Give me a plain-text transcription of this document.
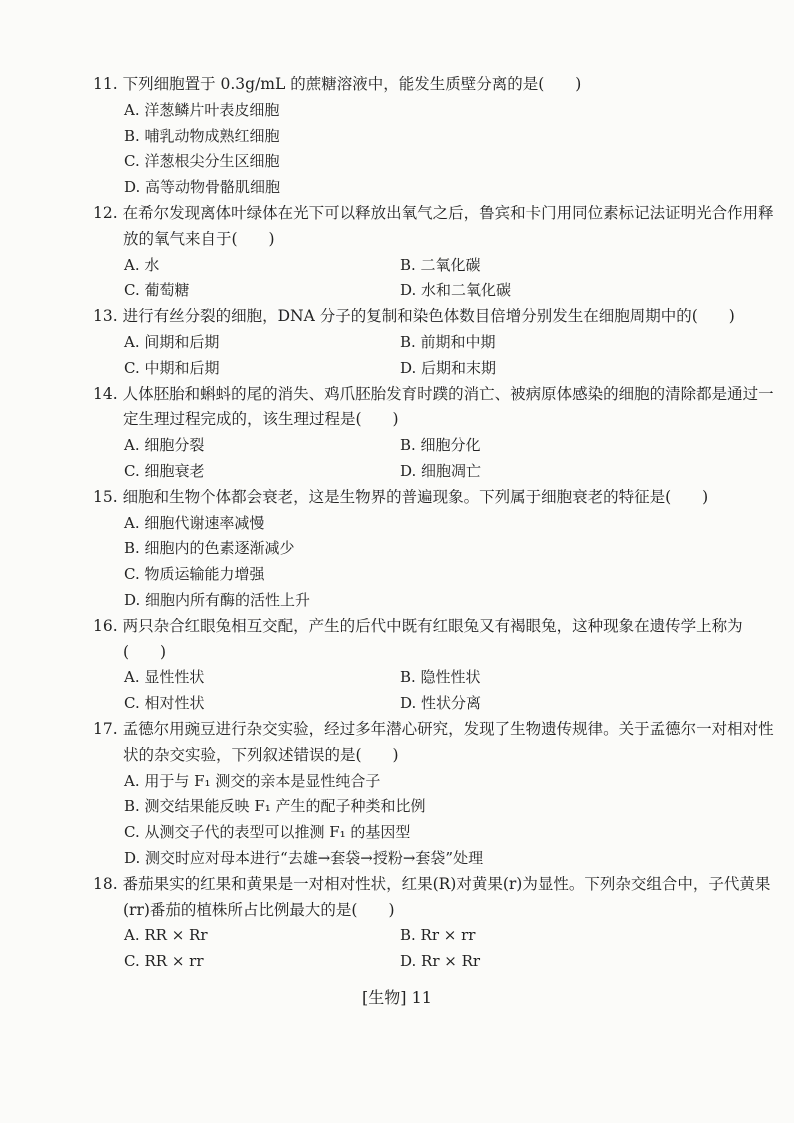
11. 下列细胞置于 0.3g/mL 的蔗糖溶液中，能发生质壁分离的是(　　)
A. 洋葱鳞片叶表皮细胞
B. 哺乳动物成熟红细胞
C. 洋葱根尖分生区细胞
D. 高等动物骨骼肌细胞
12. 在希尔发现离体叶绿体在光下可以释放出氧气之后，鲁宾和卡门用同位素标记法证明光合作用释放的氧气来自于(　　)
A. 水	B. 二氧化碳
C. 葡萄糖	D. 水和二氧化碳
13. 进行有丝分裂的细胞，DNA 分子的复制和染色体数目倍增分别发生在细胞周期中的(　　)
A. 间期和后期	B. 前期和中期
C. 中期和后期	D. 后期和末期
14. 人体胚胎和蝌蚪的尾的消失、鸡爪胚胎发育时蹼的消亡、被病原体感染的细胞的清除都是通过一定生理过程完成的，该生理过程是(　　)
A. 细胞分裂	B. 细胞分化
C. 细胞衰老	D. 细胞凋亡
15. 细胞和生物个体都会衰老，这是生物界的普遍现象。下列属于细胞衰老的特征是(　　)
A. 细胞代谢速率减慢
B. 细胞内的色素逐渐减少
C. 物质运输能力增强
D. 细胞内所有酶的活性上升
16. 两只杂合红眼兔相互交配，产生的后代中既有红眼兔又有褐眼兔，这种现象在遗传学上称为(　　)
A. 显性性状	B. 隐性性状
C. 相对性状	D. 性状分离
17. 孟德尔用豌豆进行杂交实验，经过多年潜心研究，发现了生物遗传规律。关于孟德尔一对相对性状的杂交实验，下列叙述错误的是(　　)
A. 用于与 F₁ 测交的亲本是显性纯合子
B. 测交结果能反映 F₁ 产生的配子种类和比例
C. 从测交子代的表型可以推测 F₁ 的基因型
D. 测交时应对母本进行“去雄→套袋→授粉→套袋”处理
18. 番茄果实的红果和黄果是一对相对性状，红果(R)对黄果(r)为显性。下列杂交组合中，子代黄果(rr)番茄的植株所占比例最大的是(　　)
A. RR × Rr	B. Rr × rr
C. RR × rr	D. Rr × Rr
[生物] 11
